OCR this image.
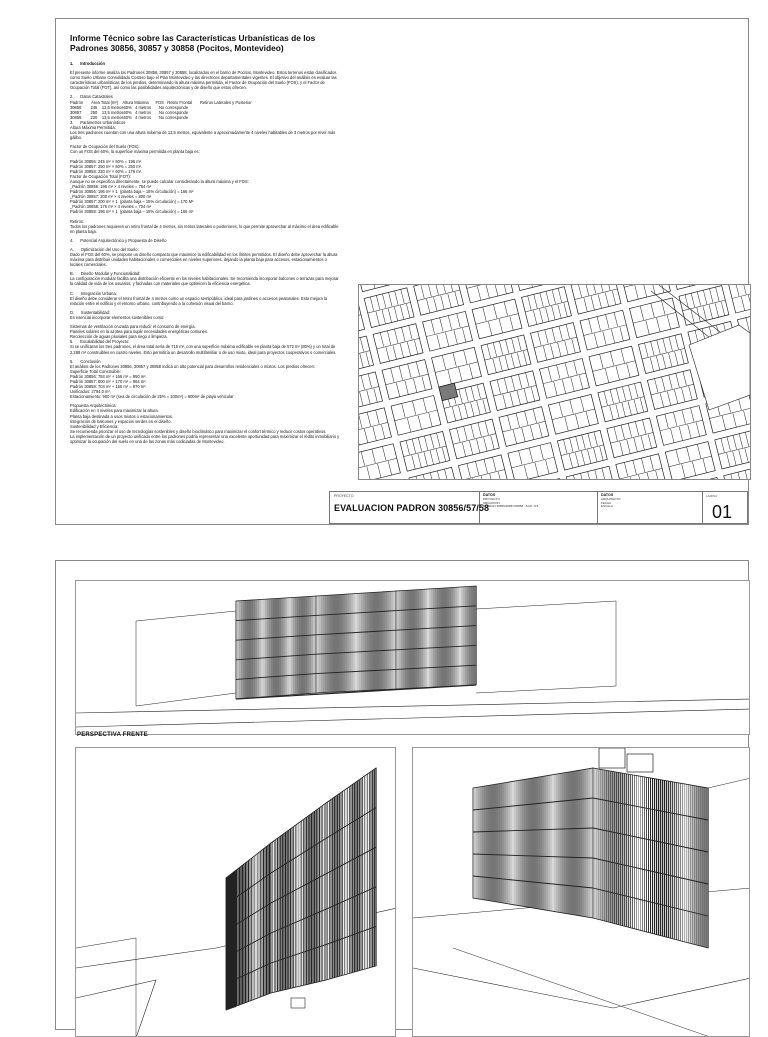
Informe Técnico sobre las Características Urbanísticas de los Padrones 30856, 30857 y 30858 (Pocitos, Montevideo)
1.      Introducción
El presente informe analiza los Padrones 30856, 30857 y 30858, localizados en el barrio de Pocitos, Montevideo. Estos terrenos están clasificados como Suelo Urbano Consolidado Costero bajo el Plan Montevideo y las directrices departamentales vigentes. El objetivo del análisis es evaluar las características urbanísticas de los predios, determinando la altura máxima permitida, el Factor de Ocupación del Suelo (FOS), y el Factor de Ocupación Total (FOT), así como las posibilidades arquitectónicas y de diseño que estos ofrecen.
2.      Datos Catastrales
Padrón       Área Total (m²)    Altura Máxima      FOS   Retiro Frontal       Retiros Laterales y Posterior
30856        245    13,5 metros60%   4 metros       No corresponde
30857        250    13,5 metros60%   4 metros       No corresponde
30858        220    13,5 metros60%   4 metros       No corresponde
3.      Parámetros Urbanísticos
Altura Máxima Permitida:
Los tres padrones cuentan con una altura máxima de 13,5 metros, equivalente a aproximadamente 4 niveles habitables de 3 metros por nivel más gálibo.
Factor de Ocupación del Suelo (FOS):
Con un FOS del 60%, la superficie máxima permitida en planta baja es:
Padrón 30856: 245 m² × 60% = 196 m².
Padrón 30857: 250 m² × 60% = 250 m².
Padrón 30858: 220 m² × 60% = 176 m².
Factor de Ocupación Total (FOT):
Aunque no se especifica directamente, se puede calcular considerando la altura máxima y el FOS:
_Padrón 30856: 196 m² × 4 niveles = 784 m²
Padrón 30856: 196 m² × 1  (planta baja – 15% circulación) = 166 m²
_Padrón 30857: 200 m² × 4 niveles = 800 m²
Padrón 30857: 200 m² × 1  (planta baja – 15% circulación) = 170 M²
_Padrón 30858: 176 m² × 4 niveles = 704 m²
Padrón 30858: 196 m² × 1  (planta baja – 15% circulación) = 166 m²
Retiros:
Todos los padrones requieren un retiro frontal de 4 metros, sin retiros laterales o posteriores, lo que permite aprovechar al máximo el área edificable en planta baja.
4.      Potencial Arquitectónico y Propuesta de Diseño
A.      Optimización del Uso del Suelo:
Dado el FOS del 60%, se propone un diseño compacto que maximice la edificabilidad en los límites permitidos. El diseño debe aprovechar la altura máxima para distribuir unidades habitacionales o comerciales en niveles superiores, dejando la planta baja para accesos, estacionamientos o locales comerciales.
B.      Diseño Modular y Funcionalidad:
La configuración modular facilita una distribución eficiente en los niveles habitacionales. Se recomienda incorporar balcones o terrazas para mejorar la calidad de vida de los usuarios, y fachadas con materiales que optimicen la eficiencia energética.
C.      Integración Urbana:
El diseño debe considerar el retiro frontal de 4 metros como un espacio semipúblico, ideal para jardines o accesos peatonales. Esto mejora la relación entre el edificio y el entorno urbano, contribuyendo a la cohesión visual del barrio.
D.      Sustentabilidad:
Es esencial incorporar elementos sostenibles como:
Sistemas de ventilación cruzada para reducir el consumo de energía.
Paneles solares en la azotea para suplir necesidades energéticas comunes.
Recolección de aguas pluviales para riego o limpieza.
5.      Escalabilidad del Proyecto:
Si se unificaran los tres padrones, el área total sería de 715 m², con una superficie máxima edificable en planta baja de 572 m² (80%) y un total de 2,288 m² construibles en cuatro niveles. Esto permitiría un desarrollo multifamiliar o de uso mixto, ideal para proyectos cooperativos o comerciales.
5.      Conclusión
El análisis de los Padrones 30856, 30857 y 30858 indica un alto potencial para desarrollos residenciales o mixtos. Los predios ofrecen:
Superficie Total Construible:
Padrón 30856: 784 m² + 166 m² = 950 m².
Padrón 30857: 800 m² + 170 m² = 964 m².
Padrón 30858: 704 m² + 166 m² = 870 m².
Unificados: 2794,0 m².
Estacionamiento: 900 m² (sea de circulación de 25% = 100m²) = 600m² de playa vehicular
Propuesta Arquitectónica:
Edificación en 4 niveles para maximizar la altura.
Planta baja destinada a usos mixtos o estacionamientos.
Integración de balcones y espacios verdes en el diseño.
Sostenibilidad y Eficiencia:
Se recomienda priorizar el uso de tecnologías sostenibles y diseño bioclimático para maximizar el confort térmico y reducir costos operativos.
La implementación de un proyecto unificado entre los padrones podría representar una excelente oportunidad para maximizar el rédito inmobiliario y optimizar la ocupación del suelo en una de las zonas más codiciadas de Montevideo.
PROYECTO
EVALUACION PADRON 30856/57/58
DATOS
PROYECTO
UBICACION
PADRON 30856/30857/30858 · SUP. 715
DATOS
ARQUITECTO
FECHA
ESCALA
LÁMINA
01
PERSPECTIVA FRENTE
